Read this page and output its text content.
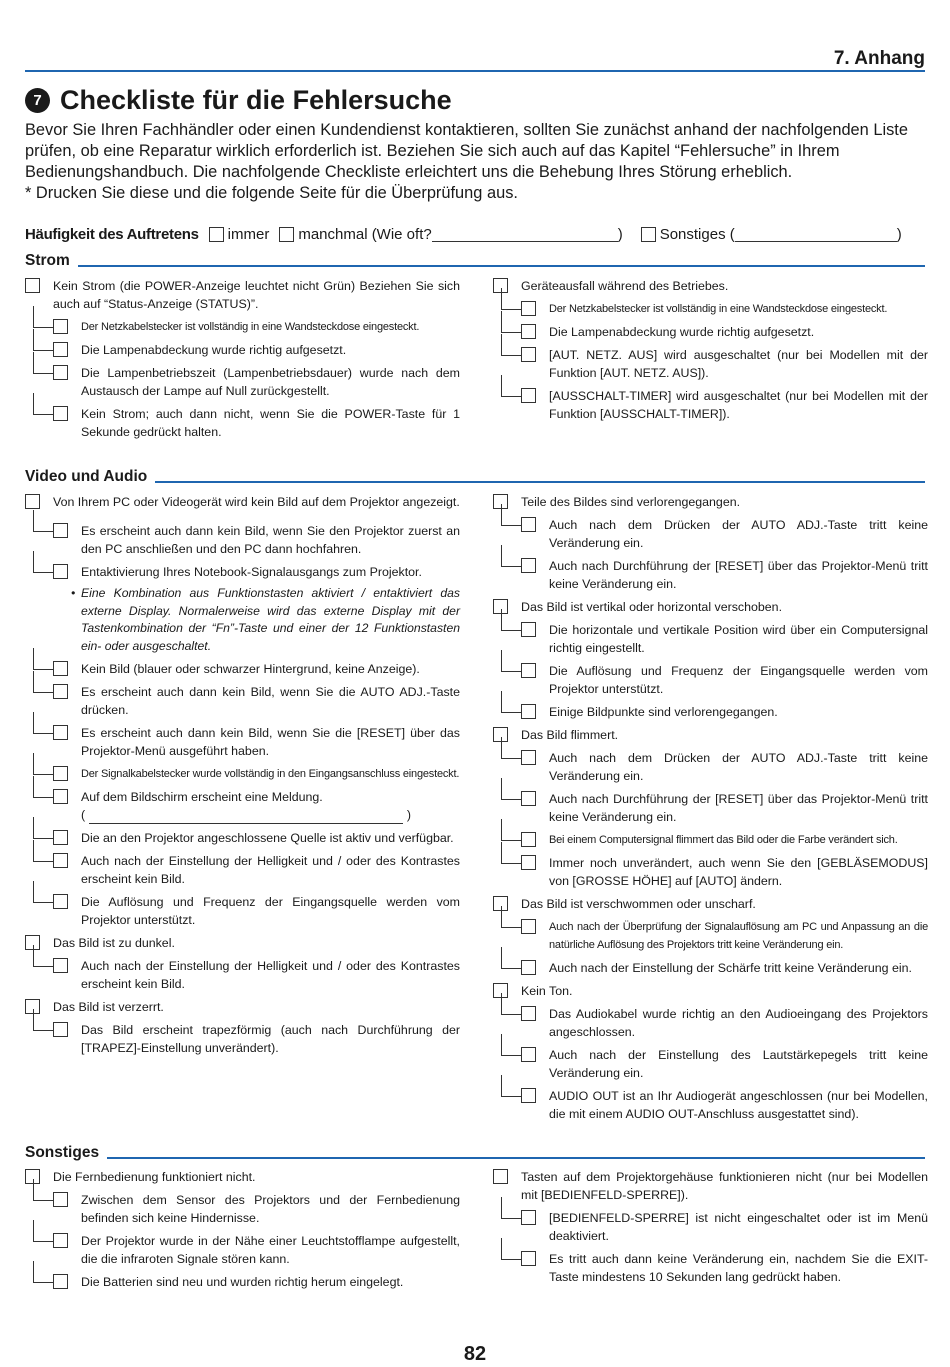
7. Anhang
7 Checkliste für die Fehlersuche
Bevor Sie Ihren Fachhändler oder einen Kundendienst kontaktieren, sollten Sie zunächst anhand der nachfolgenden Liste prüfen, ob eine Reparatur wirklich erforderlich ist. Beziehen Sie sich auch auf das Kapitel “Fehlersuche” in Ihrem Bedienungshandbuch. Die nachfolgende Checkliste erleichtert uns die Behebung Ihres Störung erheblich.
* Drucken Sie diese und die folgende Seite für die Überprüfung aus.
Häufigkeit des Auftretens immer manchmal (Wie oft?	) Sonstiges (	)
Strom
Kein Strom (die POWER-Anzeige leuchtet nicht Grün) Beziehen Sie sich auch auf “Status-Anzeige (STATUS)”.
Der Netzkabelstecker ist vollständig in eine Wandsteckdose eingesteckt.
Die Lampenabdeckung wurde richtig aufgesetzt.
Die Lampenbetriebszeit (Lampenbetriebsdauer) wurde nach dem Austausch der Lampe auf Null zurückgestellt.
Kein Strom; auch dann nicht, wenn Sie die POWER-Taste für 1 Sekunde gedrückt halten.
Geräteausfall während des Betriebes.
Der Netzkabelstecker ist vollständig in eine Wandsteckdose eingesteckt.
Die Lampenabdeckung wurde richtig aufgesetzt.
[AUT. NETZ. AUS] wird ausgeschaltet (nur bei Modellen mit der Funktion [AUT. NETZ. AUS]).
[AUSSCHALT-TIMER] wird ausgeschaltet (nur bei Modellen mit der Funktion [AUSSCHALT-TIMER]).
Video und Audio
Von Ihrem PC oder Videogerät wird kein Bild auf dem Projektor angezeigt.
Es erscheint auch dann kein Bild, wenn Sie den Projektor zuerst an den PC anschließen und den PC dann hochfahren.
Entaktivierung Ihres Notebook-Signalausgangs zum Projektor.
• Eine Kombination aus Funktionstasten aktiviert / entaktiviert das externe Display. Normalerweise wird das externe Display mit der Tastenkombination der “Fn”-Taste und einer der 12 Funktionstasten ein- oder ausgeschaltet.
Kein Bild (blauer oder schwarzer Hintergrund, keine Anzeige).
Es erscheint auch dann kein Bild, wenn Sie die AUTO ADJ.-Taste drücken.
Es erscheint auch dann kein Bild, wenn Sie die [RESET] über das Projektor-Menü ausgeführt haben.
Der Signalkabelstecker wurde vollständig in den Eingangsanschluss eingesteckt.
Auf dem Bildschirm erscheint eine Meldung.
(	)
Die an den Projektor angeschlossene Quelle ist aktiv und verfügbar.
Auch nach der Einstellung der Helligkeit und / oder des Kontrastes erscheint kein Bild.
Die Auflösung und Frequenz der Eingangsquelle werden vom Projektor unterstützt.
Das Bild ist zu dunkel.
Auch nach der Einstellung der Helligkeit und / oder des Kontrastes erscheint kein Bild.
Das Bild ist verzerrt.
Das Bild erscheint trapezförmig (auch nach Durchführung der [TRAPEZ]-Einstellung unverändert).
Teile des Bildes sind verlorengegangen.
Auch nach dem Drücken der AUTO ADJ.-Taste tritt keine Veränderung ein.
Auch nach Durchführung der [RESET] über das Projektor-Menü tritt keine Veränderung ein.
Das Bild ist vertikal oder horizontal verschoben.
Die horizontale und vertikale Position wird über ein Computersignal richtig eingestellt.
Die Auflösung und Frequenz der Eingangsquelle werden vom Projektor unterstützt.
Einige Bildpunkte sind verlorengegangen.
Das Bild flimmert.
Auch nach dem Drücken der AUTO ADJ.-Taste tritt keine Veränderung ein.
Auch nach Durchführung der [RESET] über das Projektor-Menü tritt keine Veränderung ein.
Bei einem Computersignal flimmert das Bild oder die Farbe verändert sich.
Immer noch unverändert, auch wenn Sie den [GEBLÄSEMODUS] von [GROSSE HÖHE] auf [AUTO] ändern.
Das Bild ist verschwommen oder unscharf.
Auch nach der Überprüfung der Signalauflösung am PC und Anpassung an die natürliche Auflösung des Projektors tritt keine Veränderung ein.
Auch nach der Einstellung der Schärfe tritt keine Veränderung ein.
Kein Ton.
Das Audiokabel wurde richtig an den Audioeingang des Projektors angeschlossen.
Auch nach der Einstellung des Lautstärkepegels tritt keine Veränderung ein.
AUDIO OUT ist an Ihr Audiogerät angeschlossen (nur bei Modellen, die mit einem AUDIO OUT-Anschluss ausgestattet sind).
Sonstiges
Die Fernbedienung funktioniert nicht.
Zwischen dem Sensor des Projektors und der Fernbedienung befinden sich keine Hindernisse.
Der Projektor wurde in der Nähe einer Leuchtstofflampe aufgestellt, die die infraroten Signale stören kann.
Die Batterien sind neu und wurden richtig herum eingelegt.
Tasten auf dem Projektorgehäuse funktionieren nicht (nur bei Modellen mit [BEDIENFELD-SPERRE]).
[BEDIENFELD-SPERRE] ist nicht eingeschaltet oder ist im Menü deaktiviert.
Es tritt auch dann keine Veränderung ein, nachdem Sie die EXIT-Taste mindestens 10 Sekunden lang gedrückt haben.
82
